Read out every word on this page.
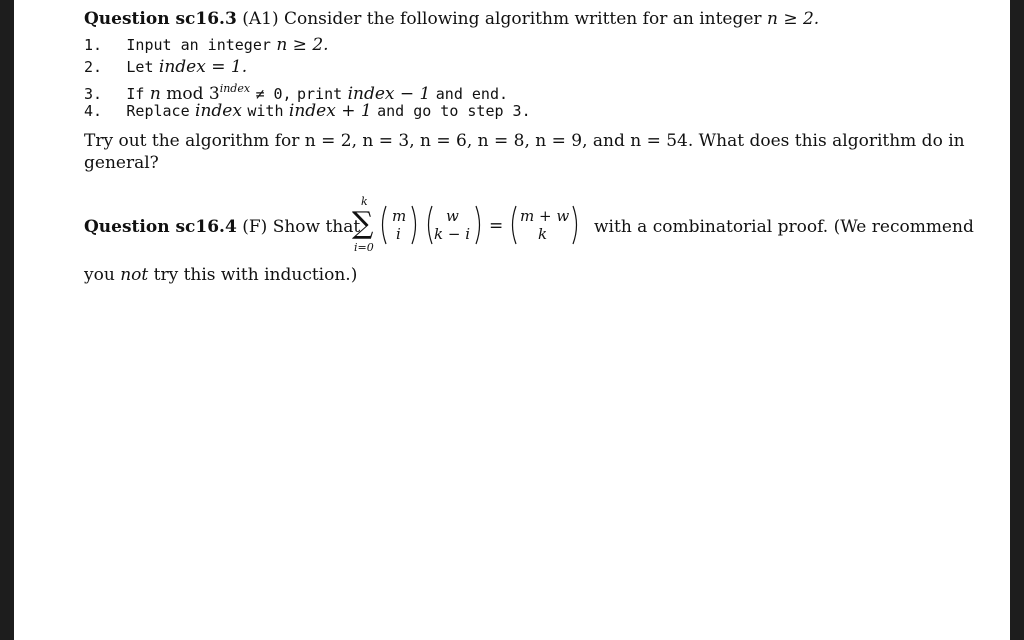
Question sc16.3 (A1) Consider the following algorithm written for an integer n ≥ 2.
1. Input an integer n ≥ 2.
2. Let index = 1.
3. If n mod $3^{index} \ne 0$, print index − 1 and end.
4. Replace index with index + 1 and go to step 3.
Try out the algorithm for n = 2, n = 3, n = 6, n = 8, n = 9, and n = 54. What does this algorithm do in
general?
Question sc16.4 (F) Show that
k
∑
i=0
m
i
w
k − i = m + w
k	with a combinatorial proof. (We recommend
you not try this with induction.)
